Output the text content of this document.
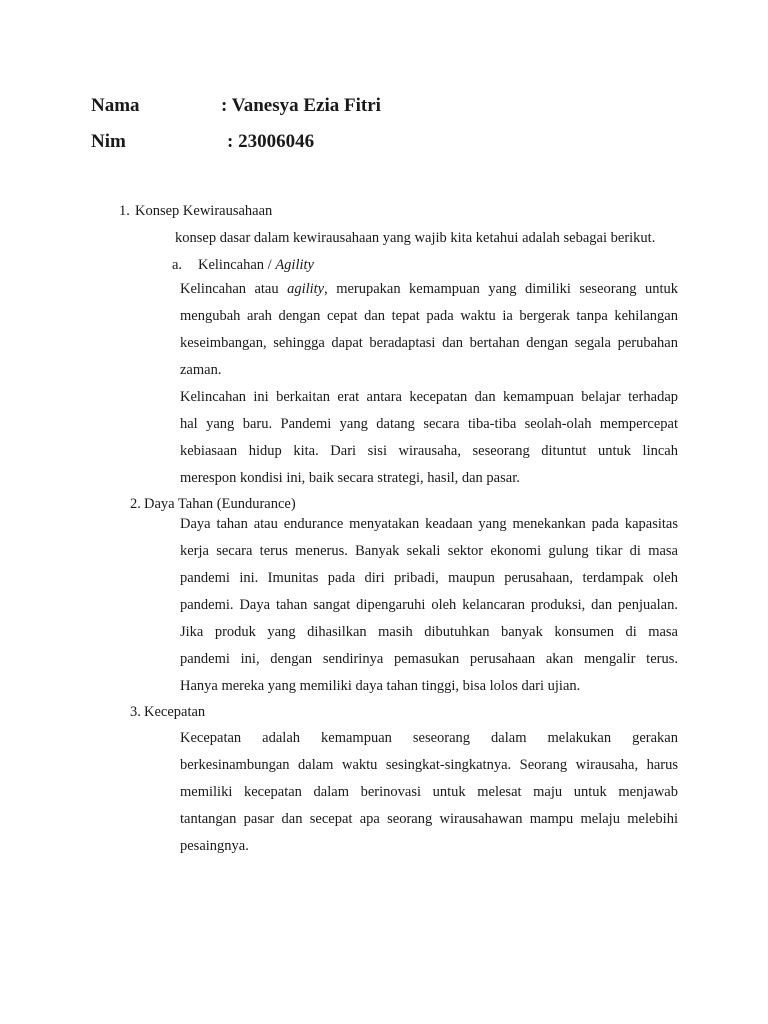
Nama	: Vanesya Ezia Fitri
Nim	: 23006046
1. Konsep Kewirausahaan
konsep dasar dalam kewirausahaan yang wajib kita ketahui adalah sebagai berikut.
a. Kelincahan / Agility
Kelincahan atau agility, merupakan kemampuan yang dimiliki seseorang untuk
mengubah arah dengan cepat dan tepat pada waktu ia bergerak tanpa kehilangan
keseimbangan, sehingga dapat beradaptasi dan bertahan dengan segala perubahan
zaman.
Kelincahan ini berkaitan erat antara kecepatan dan kemampuan belajar terhadap
hal yang baru. Pandemi yang datang secara tiba-tiba seolah-olah mempercepat
kebiasaan hidup kita. Dari sisi wirausaha, seseorang dituntut untuk lincah
merespon kondisi ini, baik secara strategi, hasil, dan pasar.
2. Daya Tahan (Eundurance)
Daya tahan atau endurance menyatakan keadaan yang menekankan pada kapasitas
kerja secara terus menerus. Banyak sekali sektor ekonomi gulung tikar di masa
pandemi ini. Imunitas pada diri pribadi, maupun perusahaan, terdampak oleh
pandemi. Daya tahan sangat dipengaruhi oleh kelancaran produksi, dan penjualan.
Jika produk yang dihasilkan masih dibutuhkan banyak konsumen di masa
pandemi ini, dengan sendirinya pemasukan perusahaan akan mengalir terus.
Hanya mereka yang memiliki daya tahan tinggi, bisa lolos dari ujian.
3. Kecepatan
Kecepatan adalah kemampuan seseorang dalam melakukan gerakan
berkesinambungan dalam waktu sesingkat-singkatnya. Seorang wirausaha, harus
memiliki kecepatan dalam berinovasi untuk melesat maju untuk menjawab
tantangan pasar dan secepat apa seorang wirausahawan mampu melaju melebihi
pesaingnya.
